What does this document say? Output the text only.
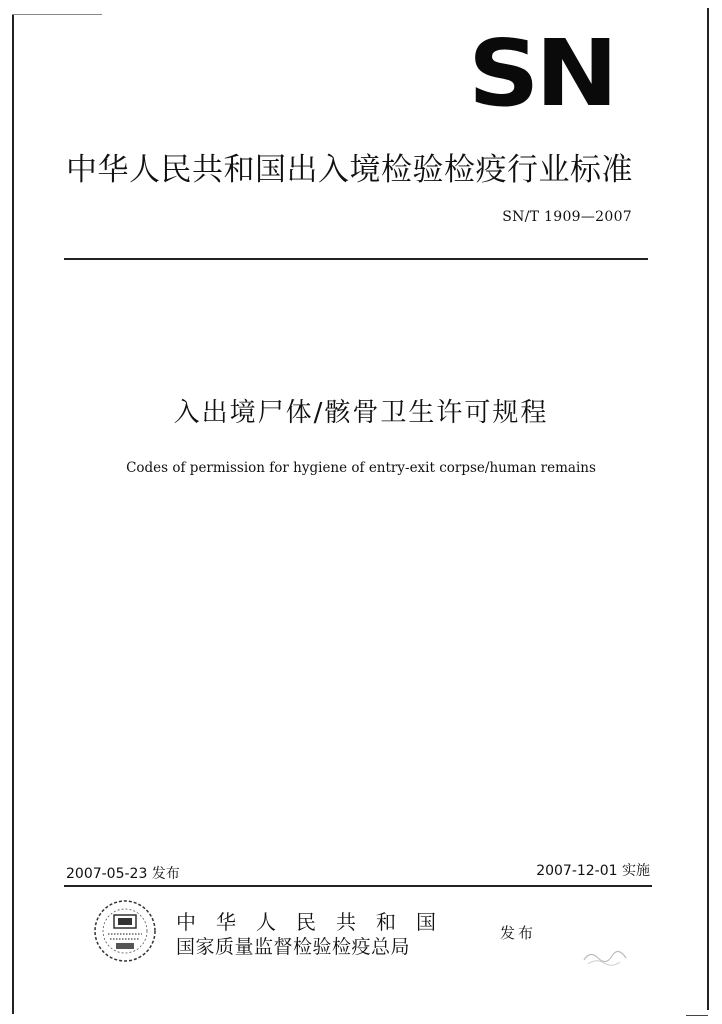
SN
中华人民共和国出入境检验检疫行业标准
SN/T 1909—2007
入出境尸体/骸骨卫生许可规程
Codes of permission for hygiene of entry-exit corpse/human remains
2007-05-23 发布	2007-12-01 实施
中华人民共和国
国家质量监督检验检疫总局
发布
